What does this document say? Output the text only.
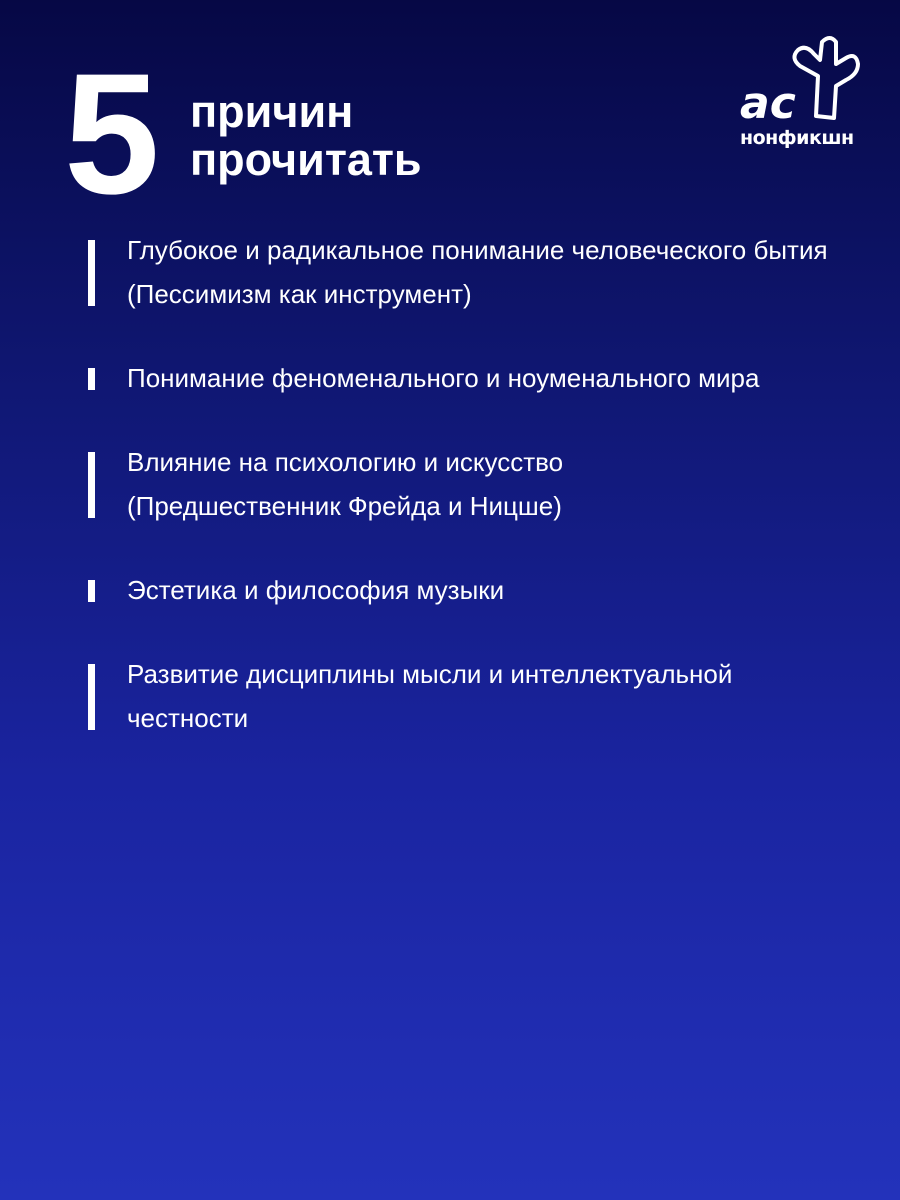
5 причин
прочитать
ac
нонфикшн
Глубокое и радикальное понимание человеческого бытия (Пессимизм как инструмент)
Понимание феноменального и ноуменального мира
Влияние на психологию и искусство (Предшественник Фрейда и Ницше)
Эстетика и философия музыки
Развитие дисциплины мысли и интеллектуальной честности
